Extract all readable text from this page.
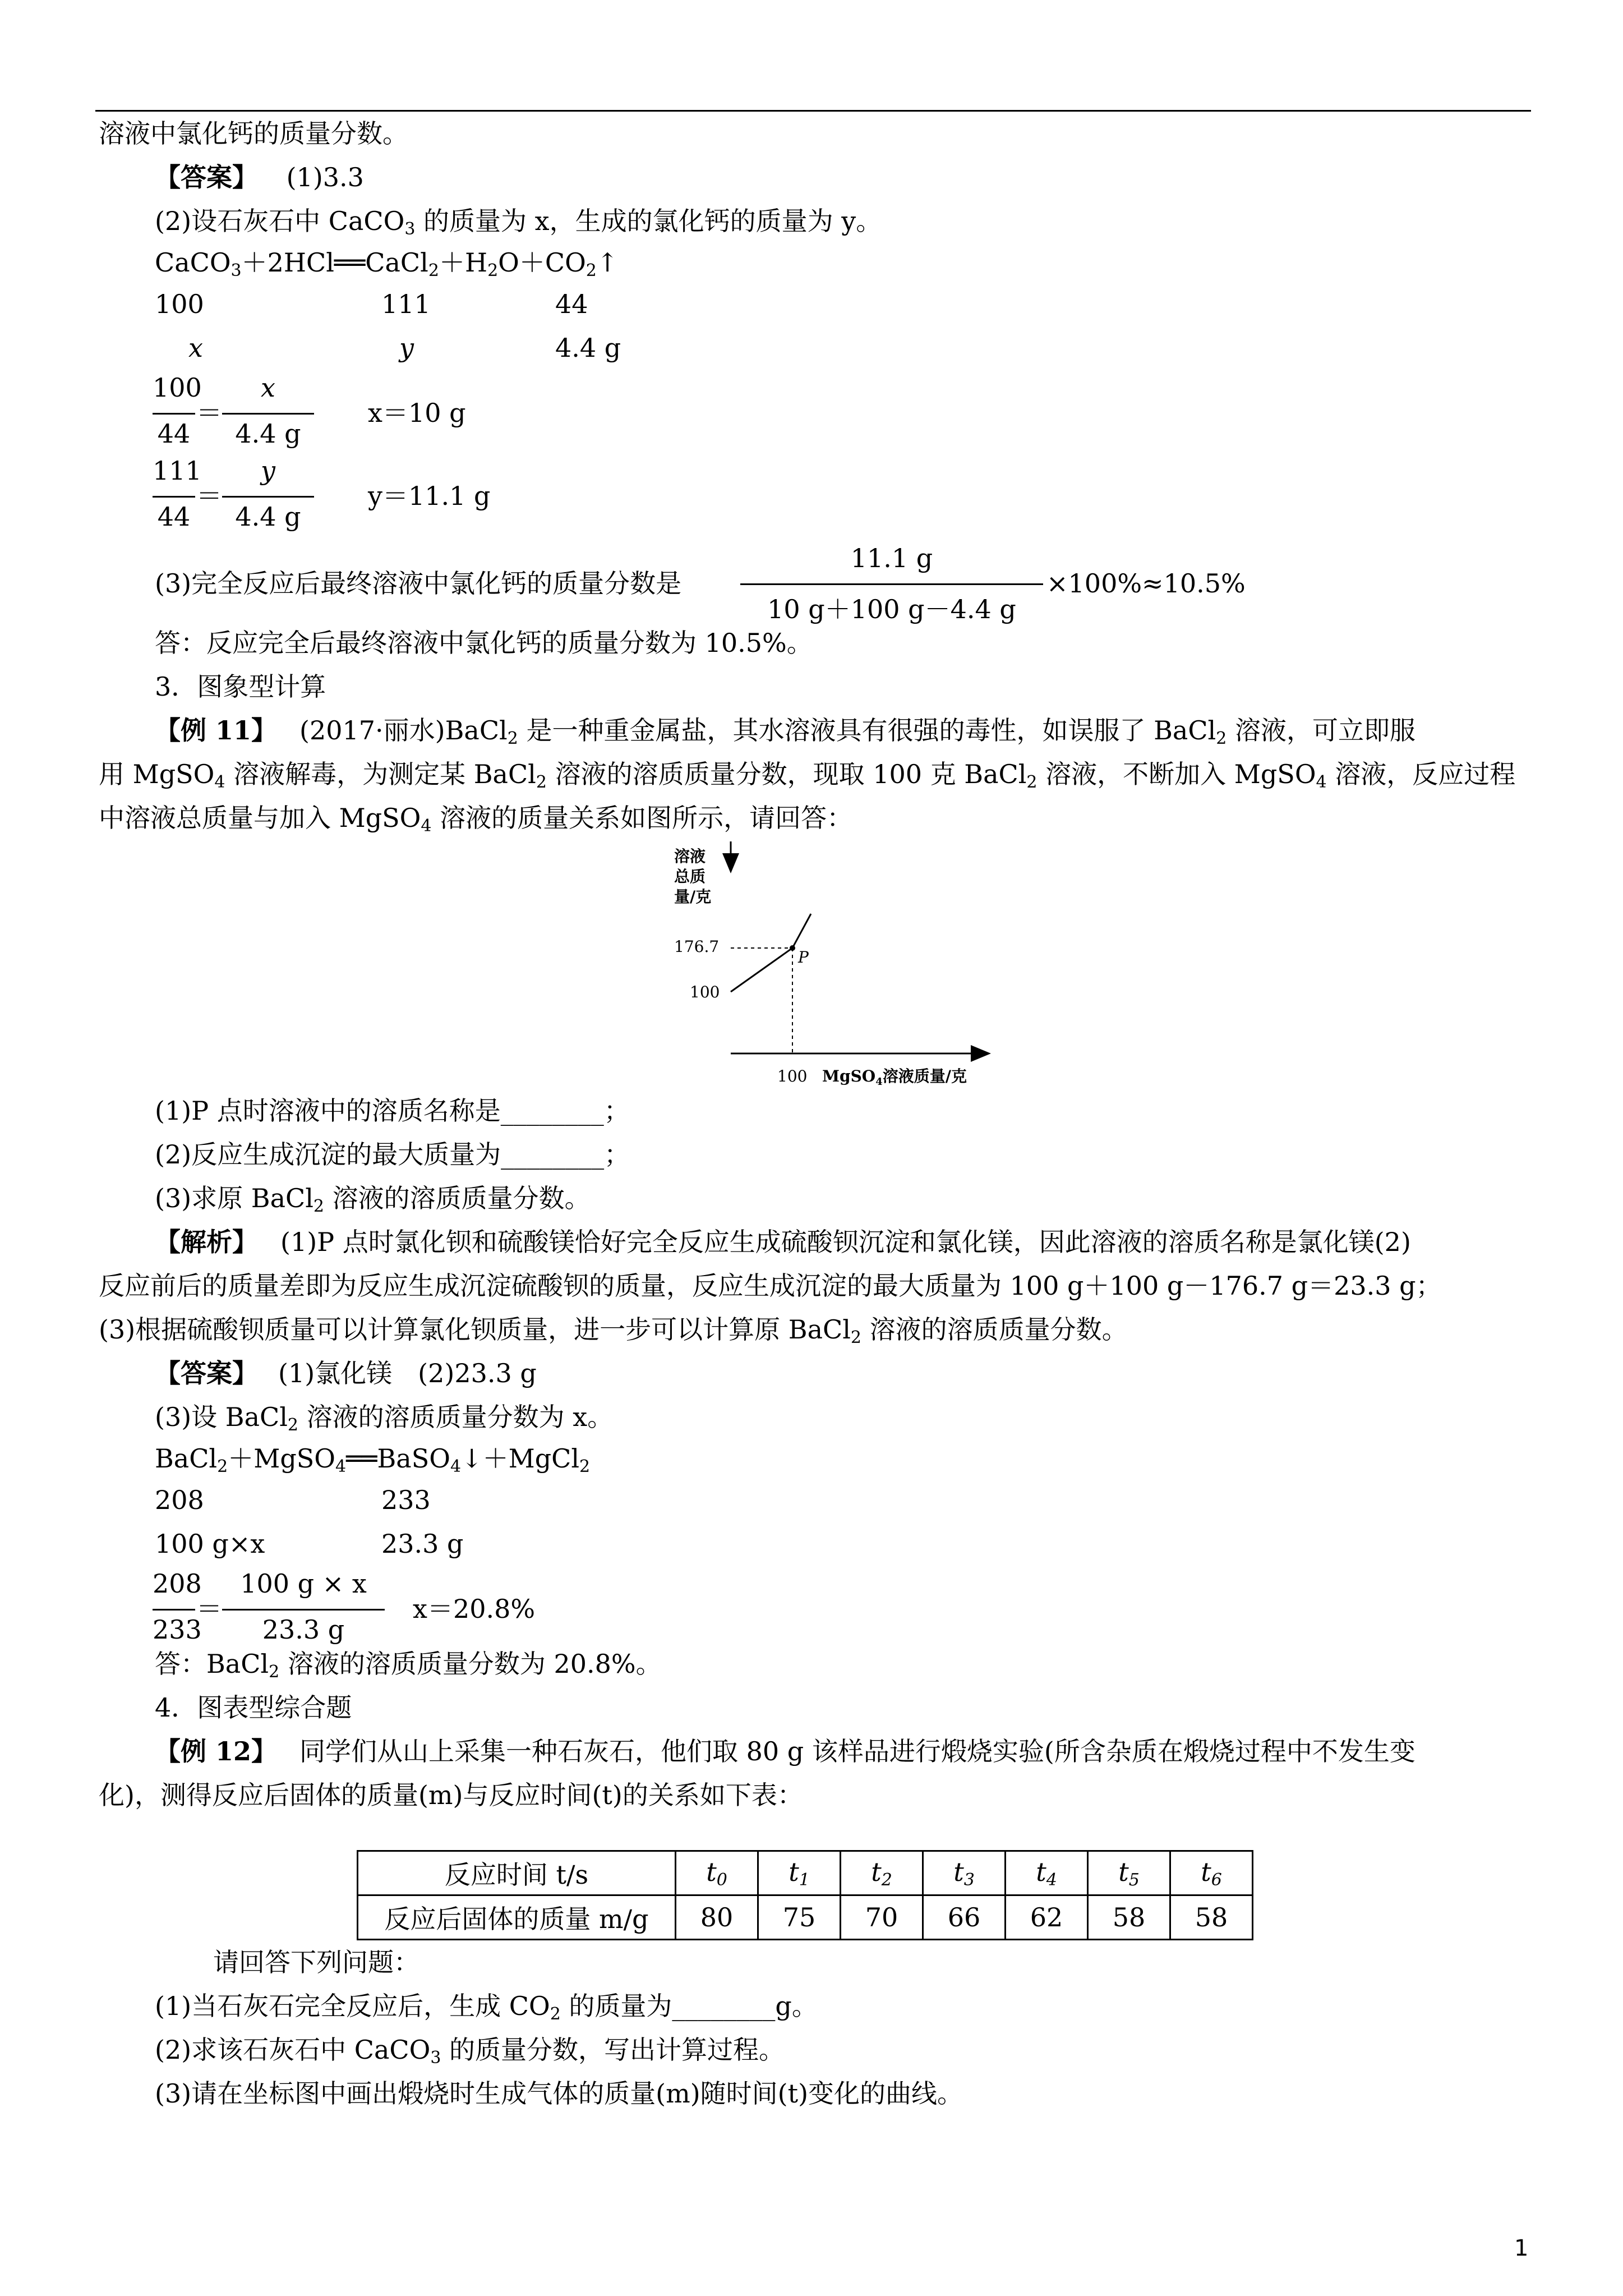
溶液中氯化钙的质量分数。
【答案】 (1)3.3
(2)设石灰石中 CaCO$_3$ 的质量为 x，生成的氯化钙的质量为 y。
$CaCO_3+2HCl══CaCl_2+H_2O+CO_2↑$
100	111	44
x	y	4.4 g
100
44
＝
x
4.4 g
x＝10 g
111
44
＝
y
4.4 g
y＝11.1 g
(3)完全反应后最终溶液中氯化钙的质量分数是
11.1 g
10 g＋100 g－4.4 g
×100%≈10.5%
答：反应完全后最终溶液中氯化钙的质量分数为 10.5%。
3．图象型计算
【例 11】 (2017·丽水)BaCl$_2$ 是一种重金属盐，其水溶液具有很强的毒性，如误服了 BaCl$_2$ 溶液，可立即服
用 MgSO$_4$ 溶液解毒，为测定某 BaCl$_2$ 溶液的溶质质量分数，现取 100 克 BaCl$_2$ 溶液，不断加入 MgSO$_4$ 溶液，反应过程
中溶液总质量与加入 MgSO$_4$ 溶液的质量关系如图所示，请回答：
溶液
总质
量/克
176.7
100
P
100 MgSO$_4$溶液质量/克
(1)P 点时溶液中的溶质名称是________；
(2)反应生成沉淀的最大质量为________；
(3)求原 BaCl$_2$ 溶液的溶质质量分数。
【解析】 (1)P 点时氯化钡和硫酸镁恰好完全反应生成硫酸钡沉淀和氯化镁，因此溶液的溶质名称是氯化镁(2)
反应前后的质量差即为反应生成沉淀硫酸钡的质量，反应生成沉淀的最大质量为 100 g＋100 g－176.7 g＝23.3 g；
(3)根据硫酸钡质量可以计算氯化钡质量，进一步可以计算原 BaCl$_2$ 溶液的溶质质量分数。
【答案】 (1)氯化镁　(2)23.3 g
(3)设 BaCl$_2$ 溶液的溶质质量分数为 x。
BaCl$_2$＋MgSO$_4$══BaSO$_4$↓＋MgCl$_2$
208	233
100 g×x	23.3 g
208
233
＝
100 g × x
23.3 g
x＝20.8%
答：BaCl$_2$ 溶液的溶质质量分数为 20.8%。
4．图表型综合题
【例 12】 同学们从山上采集一种石灰石，他们取 80 g 该样品进行煅烧实验(所含杂质在煅烧过程中不发生变
化)，测得反应后固体的质量(m)与反应时间(t)的关系如下表：
反应时间 t/s	$t_0$	$t_1$	$t_2$	$t_3$	$t_4$	$t_5$	$t_6$
反应后固体的质量 m/g	80	75	70	66	62	58	58
请回答下列问题：
(1)当石灰石完全反应后，生成 $CO_2$ 的质量为________g。
(2)求该石灰石中 CaCO$_3$ 的质量分数，写出计算过程。
(3)请在坐标图中画出煅烧时生成气体的质量(m)随时间(t)变化的曲线。
1
